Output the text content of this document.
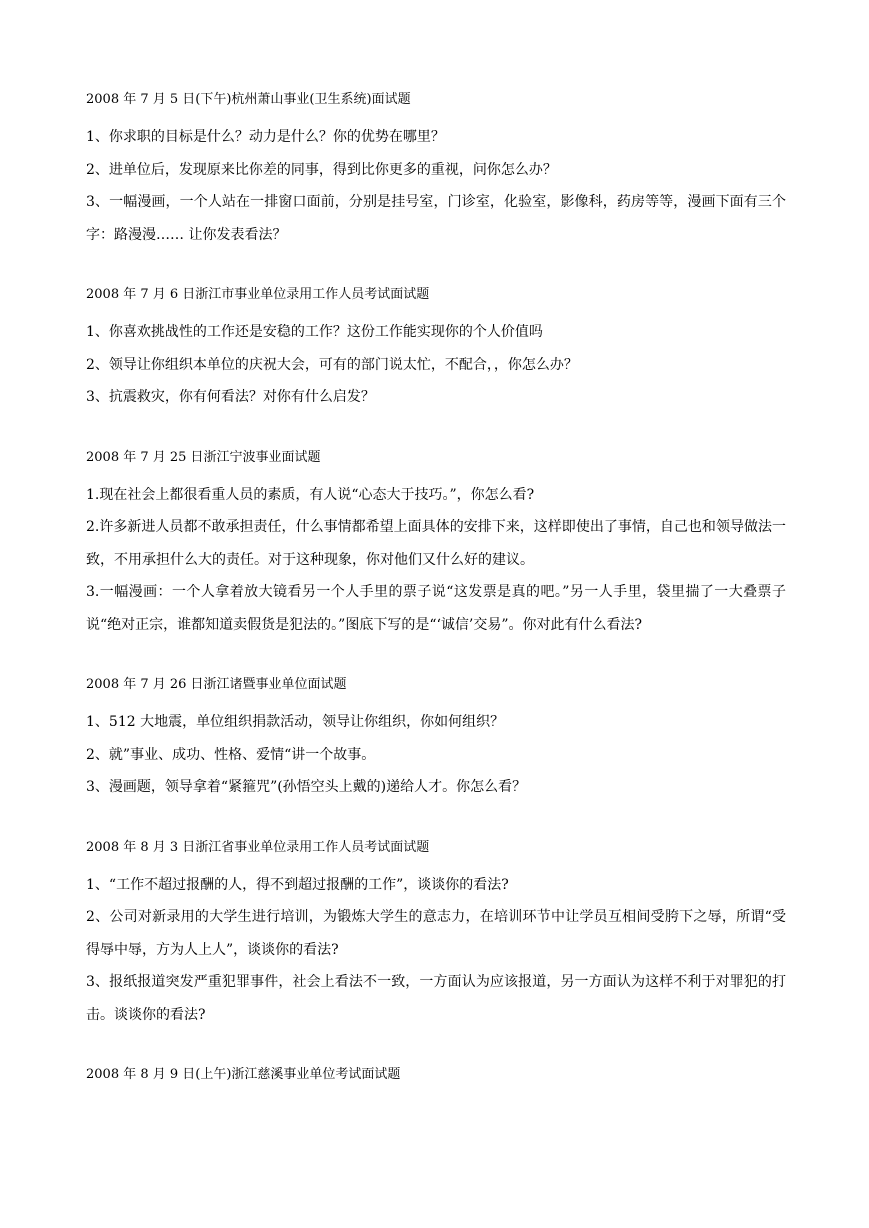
2008 年 7 月 5 日(下午)杭州萧山事业(卫生系统)面试题

1、你求职的目标是什么？动力是什么？你的优势在哪里？

2、进单位后，发现原来比你差的同事，得到比你更多的重视，问你怎么办？

3、一幅漫画，一个人站在一排窗口面前，分别是挂号室，门诊室，化验室，影像科，药房等等，漫画下面有三个字：路漫漫…… 让你发表看法？

2008 年 7 月 6 日浙江市事业单位录用工作人员考试面试题

1、你喜欢挑战性的工作还是安稳的工作？这份工作能实现你的个人价值吗

2、领导让你组织本单位的庆祝大会，可有的部门说太忙，不配合，，你怎么办？

3、抗震救灾，你有何看法？对你有什么启发？

2008 年 7 月 25 日浙江宁波事业面试题

1.现在社会上都很看重人员的素质，有人说“心态大于技巧。”，你怎么看?

2.许多新进人员都不敢承担责任，什么事情都希望上面具体的安排下来，这样即使出了事情，自己也和领导做法一致，不用承担什么大的责任。对于这种现象，你对他们又什么好的建议。

3.一幅漫画：一个人拿着放大镜看另一个人手里的票子说“这发票是真的吧。”另一人手里，袋里揣了一大叠票子说“绝对正宗，谁都知道卖假货是犯法的。”图底下写的是“‘诚信’交易”。你对此有什么看法?

2008 年 7 月 26 日浙江诸暨事业单位面试题

1、512 大地震，单位组织捐款活动，领导让你组织，你如何组织？

2、就”事业、成功、性格、爱情“讲一个故事。

3、漫画题，领导拿着“紧箍咒”(孙悟空头上戴的)递给人才。你怎么看？

2008 年 8 月 3 日浙江省事业单位录用工作人员考试面试题

1、“工作不超过报酬的人，得不到超过报酬的工作”，谈谈你的看法?

2、公司对新录用的大学生进行培训，为锻炼大学生的意志力，在培训环节中让学员互相间受胯下之辱，所谓“受得辱中辱，方为人上人”，谈谈你的看法?

3、报纸报道突发严重犯罪事件，社会上看法不一致，一方面认为应该报道，另一方面认为这样不利于对罪犯的打击。谈谈你的看法?

2008 年 8 月 9 日(上午)浙江慈溪事业单位考试面试题
